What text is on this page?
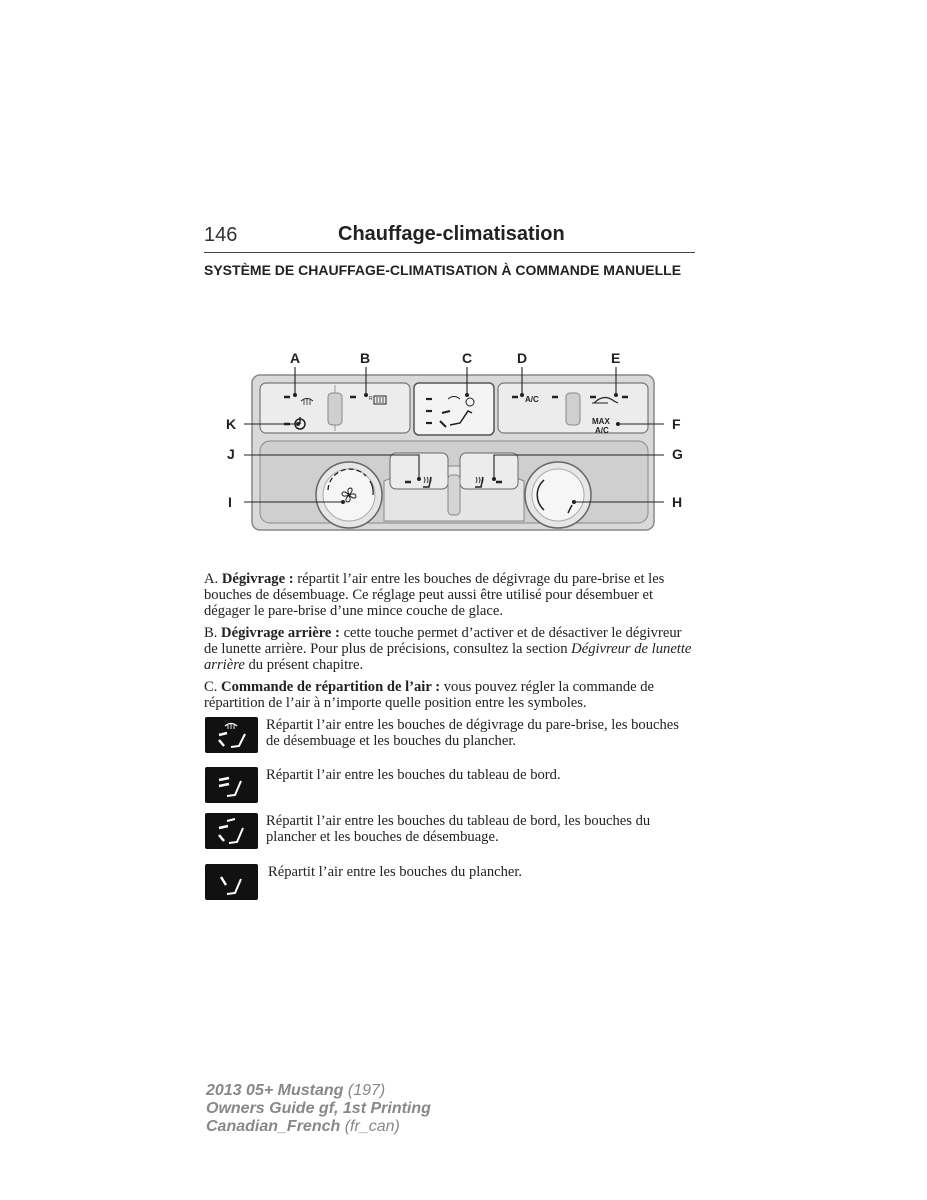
146	Chauffage-climatisation
SYSTÈME DE CHAUFFAGE-CLIMATISATION À COMMANDE MANUELLE
R	A/C
MAX
A/C
A	B	C	D	E
K	F
J	G
I	H
A. Dégivrage : répartit l’air entre les bouches de dégivrage du pare-brise et les bouches de désembuage. Ce réglage peut aussi être utilisé pour désembuer et dégager le pare-brise d’une mince couche de glace.
B. Dégivrage arrière : cette touche permet d’activer et de désactiver le dégivreur de lunette arrière. Pour plus de précisions, consultez la section Dégivreur de lunette arrière du présent chapitre.
C. Commande de répartition de l’air : vous pouvez régler la commande de répartition de l’air à n’importe quelle position entre les symboles.
Répartit l’air entre les bouches de dégivrage du pare-brise, les bouches de désembuage et les bouches du plancher.
Répartit l’air entre les bouches du tableau de bord.
Répartit l’air entre les bouches du tableau de bord, les bouches du plancher et les bouches de désembuage.
Répartit l’air entre les bouches du plancher.
2013 05+ Mustang (197)
Owners Guide gf, 1st Printing
Canadian_French (fr_can)
